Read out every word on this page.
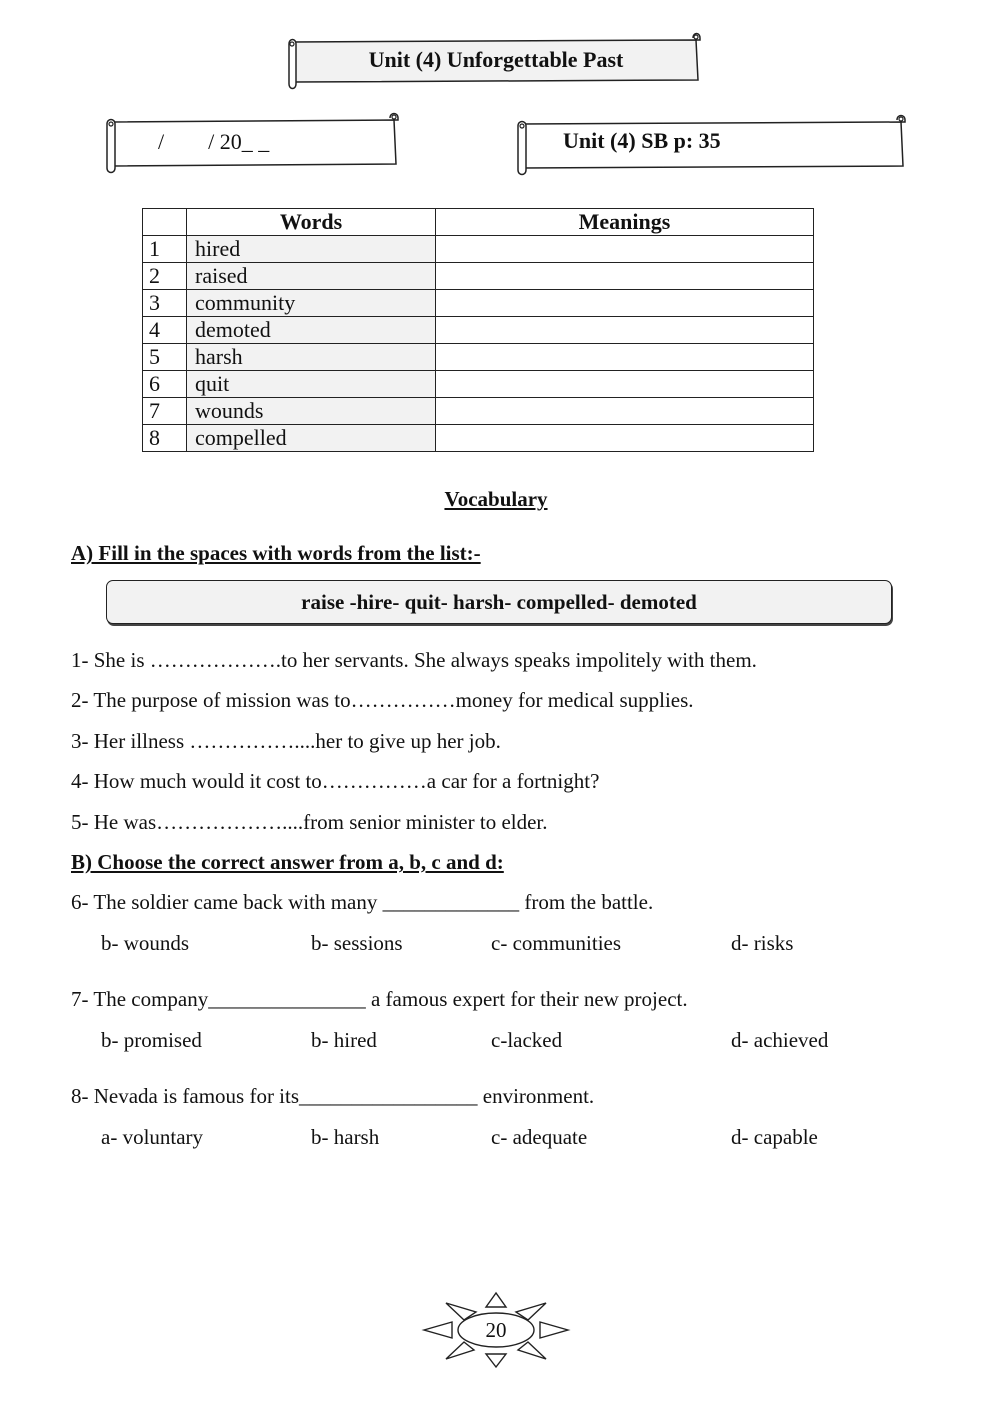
Unit (4) Unforgettable Past
/        / 20_ _	Unit (4) SB p: 35
	Words	Meanings
1	hired	
2	raised	
3	community	
4	demoted	
5	harsh	
6	quit	
7	wounds	
8	compelled	
Vocabulary
A) Fill in the spaces with words from the list:-
raise -hire- quit- harsh- compelled- demoted
1- She is ……………….to her servants. She always speaks impolitely with them.
2- The purpose of mission was to……………money for medical supplies.
3- Her illness ……………....her to give up her job.
4- How much would it cost to……………a car for a fortnight?
5- He was………………....from senior minister to elder.
B) Choose the correct answer from a, b, c and d:
6- The soldier came back with many _____________ from the battle.
b- wounds	b- sessions	c- communities	d- risks
7- The company_______________ a famous expert for their new project.
b- promised	b- hired	c-lacked	d- achieved
8- Nevada is famous for its_________________ environment.
a- voluntary	b- harsh	c- adequate	d- capable
20
